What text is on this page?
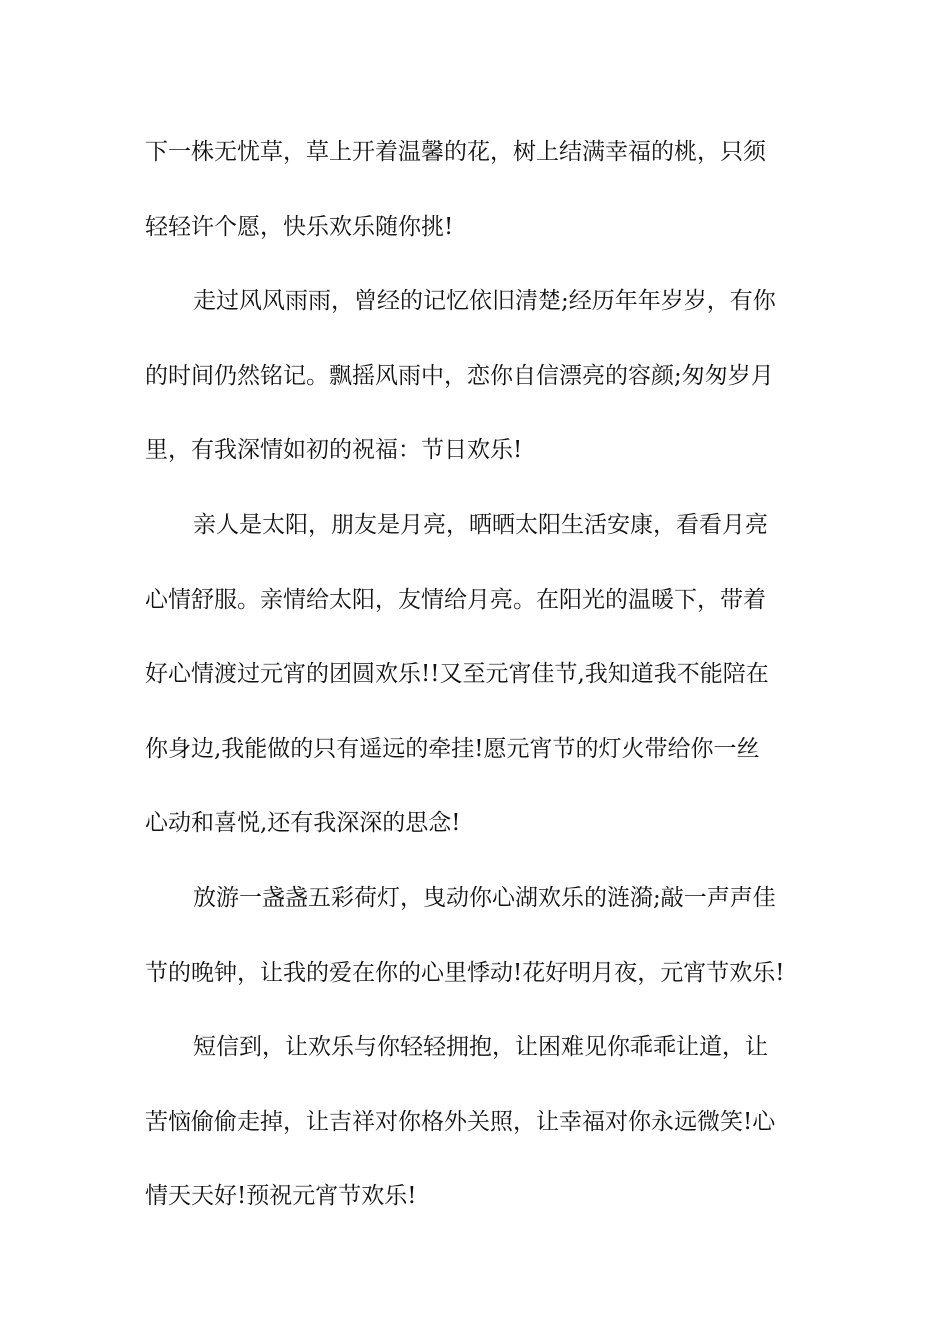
下一株无忧草，草上开着温馨的花，树上结满幸福的桃，只须
轻轻许个愿，快乐欢乐随你挑!
走过风风雨雨，曾经的记忆依旧清楚;经历年年岁岁，有你
的时间仍然铭记。飘摇风雨中，恋你自信漂亮的容颜;匆匆岁月
里，有我深情如初的祝福：节日欢乐!
亲人是太阳，朋友是月亮，晒晒太阳生活安康，看看月亮
心情舒服。亲情给太阳，友情给月亮。在阳光的温暖下，带着
好心情渡过元宵的团圆欢乐!!又至元宵佳节,我知道我不能陪在
你身边,我能做的只有遥远的牵挂!愿元宵节的灯火带给你一丝
心动和喜悦,还有我深深的思念!
放游一盏盏五彩荷灯，曳动你心湖欢乐的涟漪;敲一声声佳
节的晚钟，让我的爱在你的心里悸动!花好明月夜，元宵节欢乐!
短信到，让欢乐与你轻轻拥抱，让困难见你乖乖让道，让
苦恼偷偷走掉，让吉祥对你格外关照，让幸福对你永远微笑!心
情天天好!预祝元宵节欢乐!
